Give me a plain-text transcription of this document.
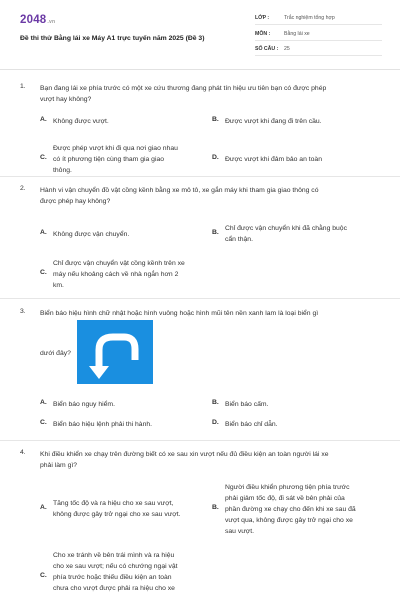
2048.vn
Đề thi thử Bằng lái xe Máy A1 trực tuyến năm 2025 (Đề 3)
LỚP :	Trắc nghiệm tổng hợp
MÔN :	Bằng lái xe
SỐ CÂU : 25
1. Bạn đang lái xe phía trước có một xe cứu thương đang phát tín hiệu ưu tiên bạn có được phép
vượt hay không?
A. Không được vượt.	B. Được vượt khi đang đi trên cầu.
C.
Được phép vượt khi đi qua nơi giao nhau
có ít phương tiện cùng tham gia giao
thông.
D. Được vượt khi đảm bảo an toàn
2. Hành vi vận chuyển đồ vật cồng kềnh bằng xe mô tô, xe gắn máy khi tham gia giao thông có
được phép hay không?
A. Không được vận chuyển.	B.
Chỉ được vận chuyển khi đã chằng buộc
cẩn thận.
C.
Chỉ được vận chuyển vật cồng kềnh trên xe
máy nếu khoảng cách về nhà ngắn hơn 2
km.
3. Biển báo hiệu hình chữ nhật hoặc hình vuông hoặc hình mũi tên nền xanh lam là loại biển gì
dưới đây?
A. Biển báo nguy hiểm.	B. Biển báo cấm.
C. Biển báo hiệu lệnh phải thi hành.	D. Biển báo chỉ dẫn.
4. Khi điều khiển xe chạy trên đường biết có xe sau xin vượt nếu đủ điều kiện an toàn người lái xe
phải làm gì?
A.
Tăng tốc độ và ra hiệu cho xe sau vượt,
không được gây trở ngại cho xe sau vượt.
B.
Người điều khiển phương tiện phía trước
phải giảm tốc độ, đi sát về bên phải của
phần đường xe chạy cho đến khi xe sau đã
vượt qua, không được gây trở ngại cho xe
sau vượt.
C.
Cho xe tránh về bên trái mình và ra hiệu
cho xe sau vượt; nếu có chướng ngại vật
phía trước hoặc thiếu điều kiện an toàn
chưa cho vượt được phải ra hiệu cho xe
